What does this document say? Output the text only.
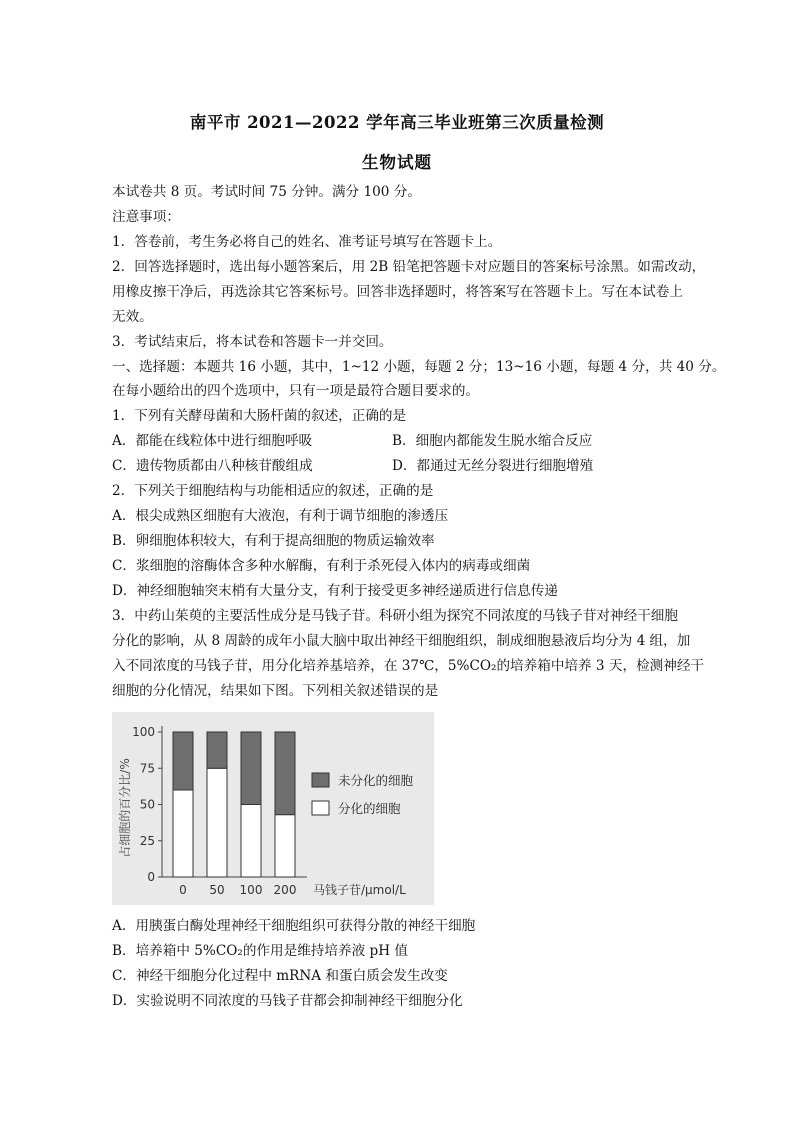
南平市 2021—2022 学年高三毕业班第三次质量检测
生物试题
本试卷共 8 页。考试时间 75 分钟。满分 100 分。
注意事项：
1．答卷前，考生务必将自己的姓名、准考证号填写在答题卡上。
2．回答选择题时，选出每小题答案后，用 2B 铅笔把答题卡对应题目的答案标号涂黑。如需改动，
用橡皮擦干净后，再选涂其它答案标号。回答非选择题时，将答案写在答题卡上。写在本试卷上
无效。
3．考试结束后，将本试卷和答题卡一并交回。
一、选择题：本题共 16 小题，其中，1~12 小题，每题 2 分；13~16 小题，每题 4 分，共 40 分。
在每小题给出的四个选项中，只有一项是最符合题目要求的。
1．下列有关酵母菌和大肠杆菌的叙述，正确的是
A．都能在线粒体中进行细胞呼吸	B．细胞内都能发生脱水缩合反应
C．遗传物质都由八种核苷酸组成	D．都通过无丝分裂进行细胞增殖
2．下列关于细胞结构与功能相适应的叙述，正确的是
A．根尖成熟区细胞有大液泡，有利于调节细胞的渗透压
B．卵细胞体积较大，有利于提高细胞的物质运输效率
C．浆细胞的溶酶体含多种水解酶，有利于杀死侵入体内的病毒或细菌
D．神经细胞轴突末梢有大量分支，有利于接受更多神经递质进行信息传递
3．中药山茱萸的主要活性成分是马钱子苷。科研小组为探究不同浓度的马钱子苷对神经干细胞
分化的影响，从 8 周龄的成年小鼠大脑中取出神经干细胞组织，制成细胞悬液后均分为 4 组，加
入不同浓度的马钱子苷，用分化培养基培养，在 37℃，5%CO₂的培养箱中培养 3 天，检测神经干
细胞的分化情况，结果如下图。下列相关叙述错误的是
占细胞的百分比/%
0
25
50
75
100
0 50 100 200 马钱子苷/μmol/L
未分化的细胞
分化的细胞
A．用胰蛋白酶处理神经干细胞组织可获得分散的神经干细胞
B．培养箱中 5%CO₂的作用是维持培养液 pH 值
C．神经干细胞分化过程中 mRNA 和蛋白质会发生改变
D．实验说明不同浓度的马钱子苷都会抑制神经干细胞分化
